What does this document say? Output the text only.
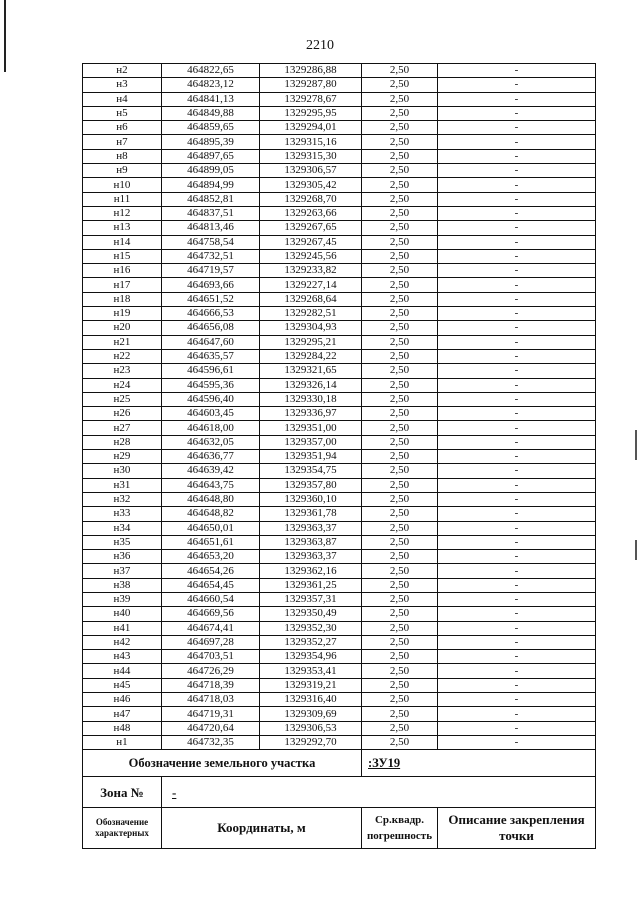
2210
н2	464822,65	1329286,88	2,50	-
н3	464823,12	1329287,80	2,50	-
н4	464841,13	1329278,67	2,50	-
н5	464849,88	1329295,95	2,50	-
н6	464859,65	1329294,01	2,50	-
н7	464895,39	1329315,16	2,50	-
н8	464897,65	1329315,30	2,50	-
н9	464899,05	1329306,57	2,50	-
н10	464894,99	1329305,42	2,50	-
н11	464852,81	1329268,70	2,50	-
н12	464837,51	1329263,66	2,50	-
н13	464813,46	1329267,65	2,50	-
н14	464758,54	1329267,45	2,50	-
н15	464732,51	1329245,56	2,50	-
н16	464719,57	1329233,82	2,50	-
н17	464693,66	1329227,14	2,50	-
н18	464651,52	1329268,64	2,50	-
н19	464666,53	1329282,51	2,50	-
н20	464656,08	1329304,93	2,50	-
н21	464647,60	1329295,21	2,50	-
н22	464635,57	1329284,22	2,50	-
н23	464596,61	1329321,65	2,50	-
н24	464595,36	1329326,14	2,50	-
н25	464596,40	1329330,18	2,50	-
н26	464603,45	1329336,97	2,50	-
н27	464618,00	1329351,00	2,50	-
н28	464632,05	1329357,00	2,50	-
н29	464636,77	1329351,94	2,50	-
н30	464639,42	1329354,75	2,50	-
н31	464643,75	1329357,80	2,50	-
н32	464648,80	1329360,10	2,50	-
н33	464648,82	1329361,78	2,50	-
н34	464650,01	1329363,37	2,50	-
н35	464651,61	1329363,87	2,50	-
н36	464653,20	1329363,37	2,50	-
н37	464654,26	1329362,16	2,50	-
н38	464654,45	1329361,25	2,50	-
н39	464660,54	1329357,31	2,50	-
н40	464669,56	1329350,49	2,50	-
н41	464674,41	1329352,30	2,50	-
н42	464697,28	1329352,27	2,50	-
н43	464703,51	1329354,96	2,50	-
н44	464726,29	1329353,41	2,50	-
н45	464718,39	1329319,21	2,50	-
н46	464718,03	1329316,40	2,50	-
н47	464719,31	1329309,69	2,50	-
н48	464720,64	1329306,53	2,50	-
н1	464732,35	1329292,70	2,50	-
Обозначение земельного участка			:ЗУ19	
Зона №	-			
Обозначение характерных	Координаты, м		Ср.квадр. погрешность	Описание закрепления точки
